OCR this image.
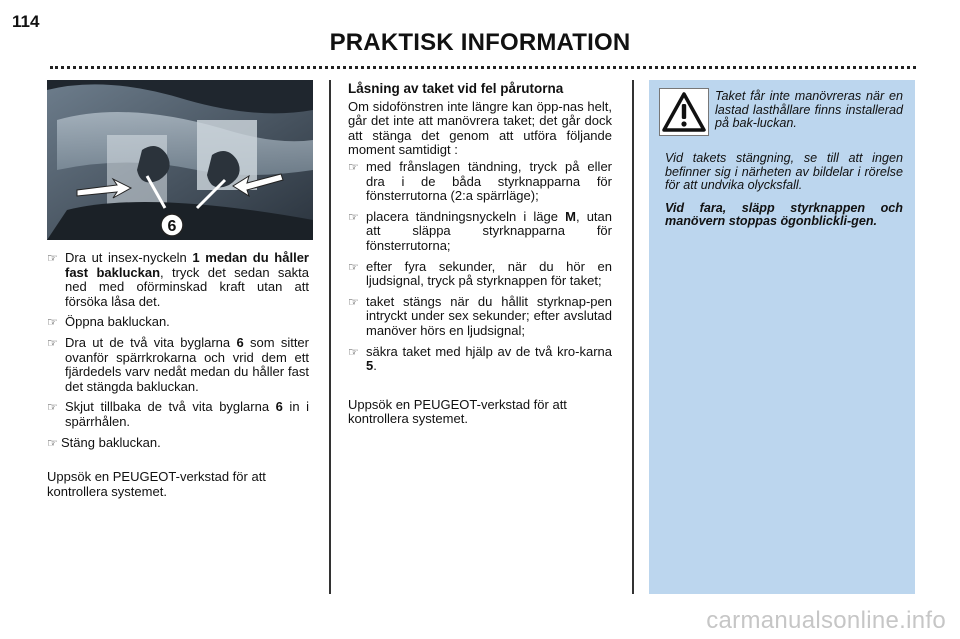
114
PRAKTISK INFORMATION
6
☞ Dra ut insex-nyckeln 1 medan du håller fast bakluckan, tryck det sedan sakta ned med oförminskad kraft utan att försöka låsa det.
☞ Öppna bakluckan.
☞ Dra ut de två vita byglarna 6 som sitter ovanför spärrkrokarna och vrid dem ett fjärdedels varv nedåt medan du håller fast det stängda bakluckan.
☞ Skjut tillbaka de två vita byglarna 6 in i spärrhålen.
☞ Stäng bakluckan.

Uppsök en PEUGEOT-verkstad för att kontrollera systemet.

Låsning av taket vid fel pårutorna

Om sidofönstren inte längre kan öpp-nas helt, går det inte att manövrera taket; det går dock att stänga det genom att utföra följande moment samtidigt :

☞ med frånslagen tändning, tryck på eller dra i de båda styrknapparna för fönsterrutorna (2:a spärrläge);
☞ placera tändningsnyckeln i läge M, utan att släppa styrknapparna för fönsterrutorna;
☞ efter fyra sekunder, när du hör en ljudsignal, tryck på styrknappen för taket;
☞ taket stängs när du hållit styrknap-pen intryckt under sex sekunder; efter avslutad manöver hörs en ljudsignal;
☞ säkra taket med hjälp av de två kro-karna 5.

Uppsök en PEUGEOT-verkstad för att kontrollera systemet.

Taket får inte manövreras när en lastad lasthållare finns installerad på bak-luckan.

Vid takets stängning, se till att ingen befinner sig i närheten av bildelar i rörelse för att undvika olycksfall.

Vid fara, släpp styrknappen och manövern stoppas ögonblickli-gen.

carmanualsonline.info
